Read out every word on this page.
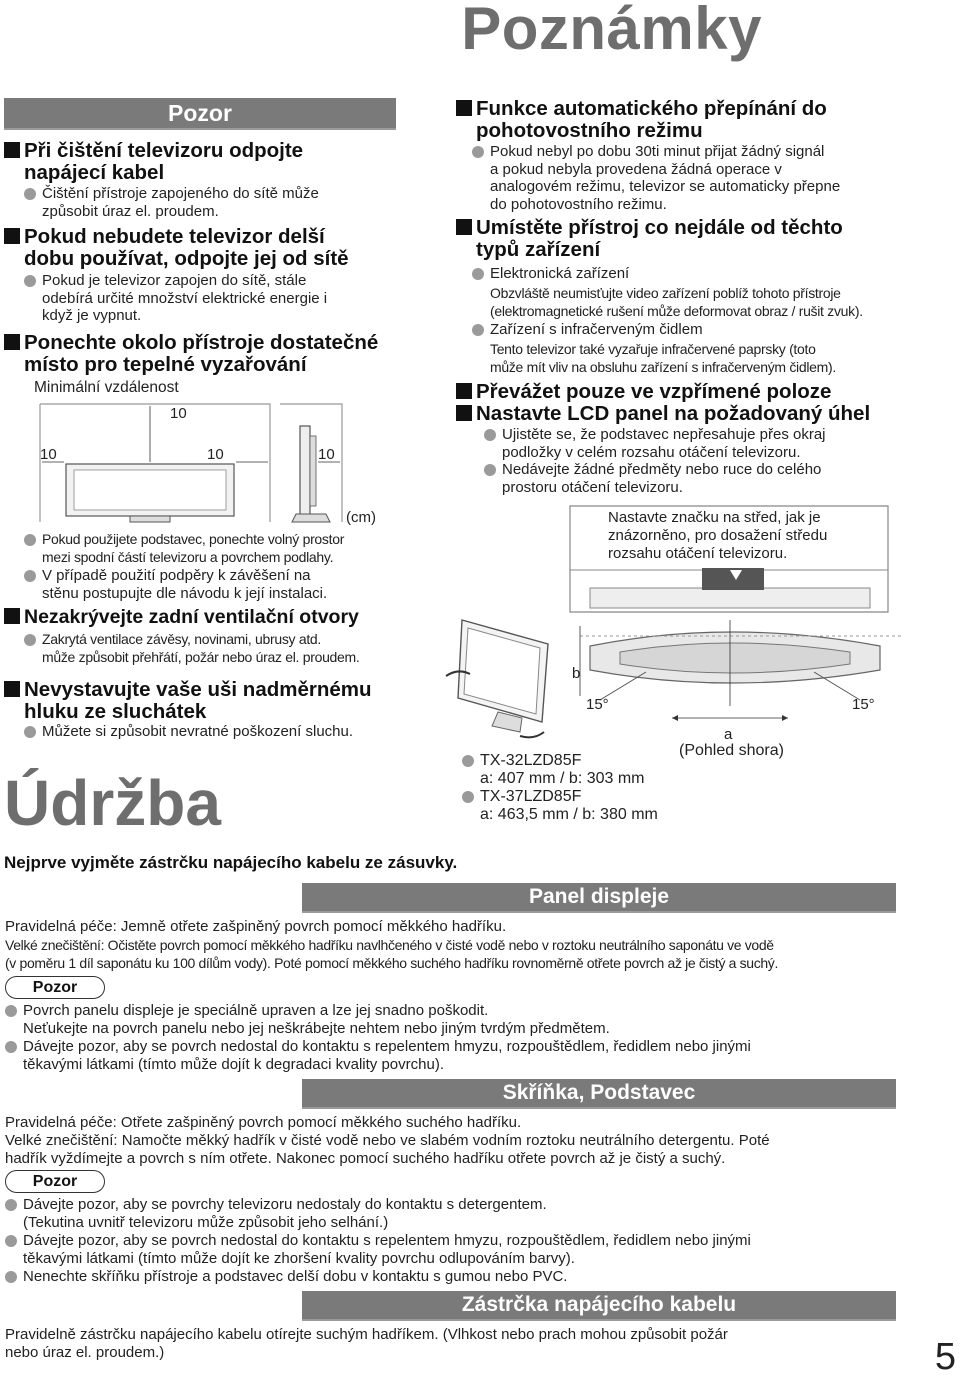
Poznámky
Pozor
Při čištění televizoru odpojte
napájecí kabel
Čištění přístroje zapojeného do sítě může
způsobit úraz el. proudem.
Pokud nebudete televizor delší
dobu používat, odpojte jej od sítě
Pokud je televizor zapojen do sítě, stále
odebírá určité množství elektrické energie i
když je vypnut.
Ponechte okolo přístroje dostatečné
místo pro tepelné vyzařování
Minimální vzdálenost
10
10	10	10
(cm)
Pokud použijete podstavec, ponechte volný prostor
mezi spodní částí televizoru a povrchem podlahy.
V případě použití podpěry k závěšení na
stěnu postupujte dle návodu k její instalaci.
Nezakrývejte zadní ventilační otvory
Zakrytá ventilace závěsy, novinami, ubrusy atd.
může způsobit přehřátí, požár nebo úraz el. proudem.
Nevystavujte vaše uši nadměrnému
hluku ze sluchátek
Můžete si způsobit nevratné poškození sluchu.
Funkce automatického přepínání do
pohotovostního režimu
Pokud nebyl po dobu 30ti minut přijat žádný signál
a pokud nebyla provedena žádná operace v
analogovém režimu, televizor se automaticky přepne
do pohotovostního režimu.
Umístěte přístroj co nejdále od těchto
typů zařízení
Elektronická zařízení
Obzvláště neumisťujte video zařízení poblíž tohoto přístroje
(elektromagnetické rušení může deformovat obraz / rušit zvuk).
Zařízení s infračerveným čidlem
Tento televizor také vyzařuje infračervené paprsky (toto
může mít vliv na obsluhu zařízení s infračerveným čidlem).
Převážet pouze ve vzpřímené poloze
Nastavte LCD panel na požadovaný úhel
Ujistěte se, že podstavec nepřesahuje přes okraj
podložky v celém rozsahu otáčení televizoru.
Nedávejte žádné předměty nebo ruce do celého
prostoru otáčení televizoru.
Nastavte značku na střed, jak je
znázorněno, pro dosažení středu
rozsahu otáčení televizoru.
b
15°	15°
a
(Pohled shora)
TX-32LZD85F
a: 407 mm / b: 303 mm
TX-37LZD85F
a: 463,5 mm / b: 380 mm
Údržba
Nejprve vyjměte zástrčku napájecího kabelu ze zásuvky.
Panel displeje
Pravidelná péče: Jemně otřete zašpiněný povrch pomocí měkkého hadříku.
Velké znečištění: Očistěte povrch pomocí měkkého hadříku navlhčeného v čisté vodě nebo v roztoku neutrálního saponátu ve vodě
(v poměru 1 díl saponátu ku 100 dílům vody). Poté pomocí měkkého suchého hadříku rovnoměrně otřete povrch až je čistý a suchý.
Pozor
Povrch panelu displeje je speciálně upraven a lze jej snadno poškodit.
Neťukejte na povrch panelu nebo jej neškrábejte nehtem nebo jiným tvrdým předmětem.
Dávejte pozor, aby se povrch nedostal do kontaktu s repelentem hmyzu, rozpouštědlem, ředidlem nebo jinými
těkavými látkami (tímto může dojít k degradaci kvality povrchu).
Skříňka, Podstavec
Pravidelná péče: Otřete zašpiněný povrch pomocí měkkého suchého hadříku.
Velké znečištění: Namočte měkký hadřík v čisté vodě nebo ve slabém vodním roztoku neutrálního detergentu. Poté
hadřík vyždímejte a povrch s ním otřete. Nakonec pomocí suchého hadříku otřete povrch až je čistý a suchý.
Pozor
Dávejte pozor, aby se povrchy televizoru nedostaly do kontaktu s detergentem.
(Tekutina uvnitř televizoru může způsobit jeho selhání.)
Dávejte pozor, aby se povrch nedostal do kontaktu s repelentem hmyzu, rozpouštědlem, ředidlem nebo jinými
těkavými látkami (tímto může dojít ke zhoršení kvality povrchu odlupováním barvy).
Nenechte skříňku přístroje a podstavec delší dobu v kontaktu s gumou nebo PVC.
Zástrčka napájecího kabelu
Pravidelně zástrčku napájecího kabelu otírejte suchým hadříkem. (Vlhkost nebo prach mohou způsobit požár
nebo úraz el. proudem.)	5
